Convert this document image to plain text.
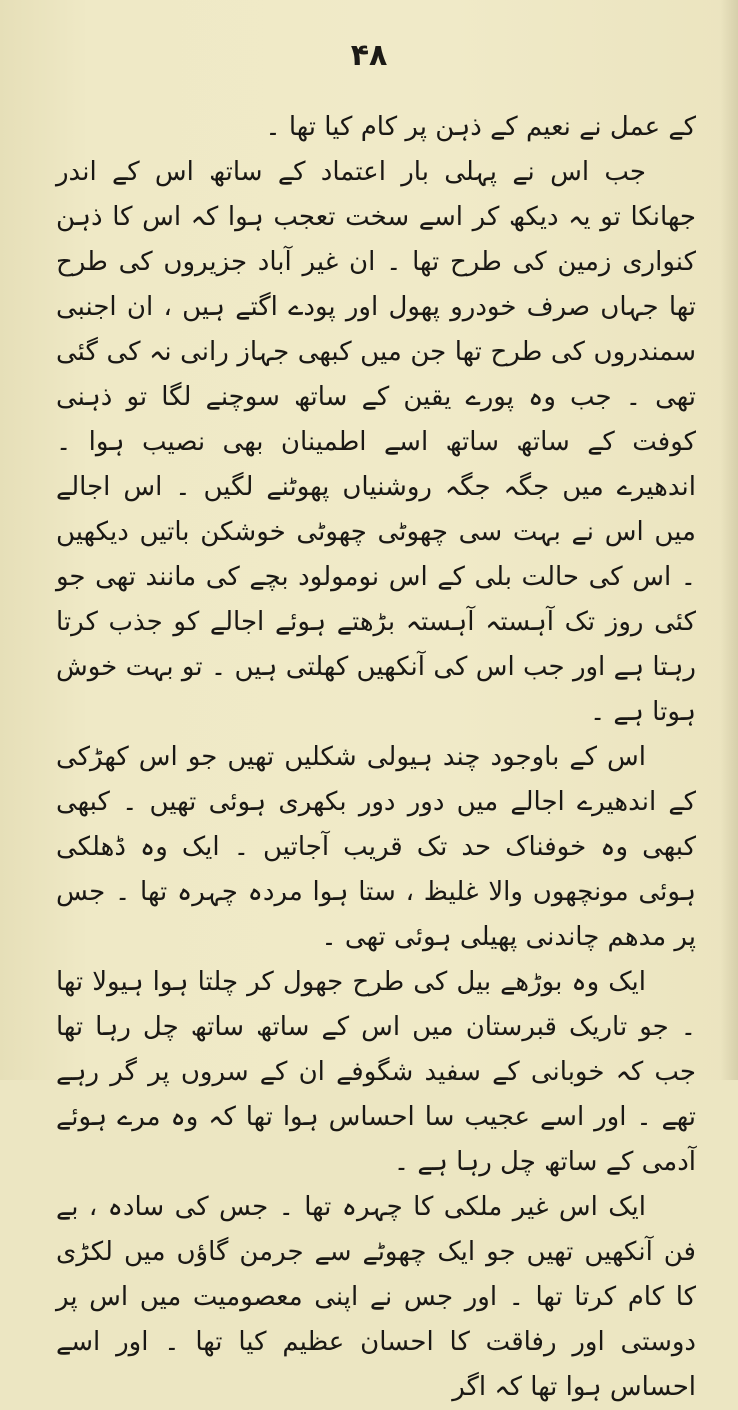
۴۸

کے عمل نے نعیم کے ذہن پر کام کیا تھا ۔

جب اس نے پہلی بار اعتماد کے ساتھ اس کے اندر جھانکا تو یہ دیکھ کر اسے سخت تعجب ہوا کہ اس کا ذہن کنواری زمین کی طرح تھا ۔ ان غیر آباد جزیروں کی طرح تھا جہاں صرف خودرو پھول اور پودے اگتے ہیں ، ان اجنبی سمندروں کی طرح تھا جن میں کبھی جہاز رانی نہ کی گئی تھی ۔ جب وہ پورے یقین کے ساتھ سوچنے لگا تو ذہنی کوفت کے ساتھ ساتھ اسے اطمینان بھی نصیب ہوا ۔ اندھیرے میں جگہ جگہ روشنیاں پھوٹنے لگیں ۔ اس اجالے میں اس نے بہت سی چھوٹی چھوٹی خوشکن باتیں دیکھیں ۔ اس کی حالت بلی کے اس نومولود بچے کی مانند تھی جو کئی روز تک آہستہ آہستہ بڑھتے ہوئے اجالے کو جذب کرتا رہتا ہے اور جب اس کی آنکھیں کھلتی ہیں ۔ تو بہت خوش ہوتا ہے ۔

اس کے باوجود چند ہیولی شکلیں تھیں جو اس کھڑکی کے اندھیرے اجالے میں دور دور بکھری ہوئی تھیں ۔ کبھی کبھی وہ خوفناک حد تک قریب آجاتیں ۔ ایک وہ ڈھلکی ہوئی مونچھوں والا غلیظ ، ستا ہوا مردہ چہرہ تھا ۔ جس پر مدھم چاندنی پھیلی ہوئی تھی ۔

ایک وہ بوڑھے بیل کی طرح جھول کر چلتا ہوا ہیولا تھا ۔ جو تاریک قبرستان میں اس کے ساتھ ساتھ چل رہا تھا جب کہ خوبانی کے سفید شگوفے ان کے سروں پر گر رہے تھے ۔ اور اسے عجیب سا احساس ہوا تھا کہ وہ مرے ہوئے آدمی کے ساتھ چل رہا ہے ۔

ایک اس غیر ملکی کا چہرہ تھا ۔ جس کی سادہ ، بے فن آنکھیں تھیں جو ایک چھوٹے سے جرمن گاؤں میں لکڑی کا کام کرتا تھا ۔ اور جس نے اپنی معصومیت میں اس پر دوستی اور رفاقت کا احسان عظیم کیا تھا ۔ اور اسے احساس ہوا تھا کہ اگر
